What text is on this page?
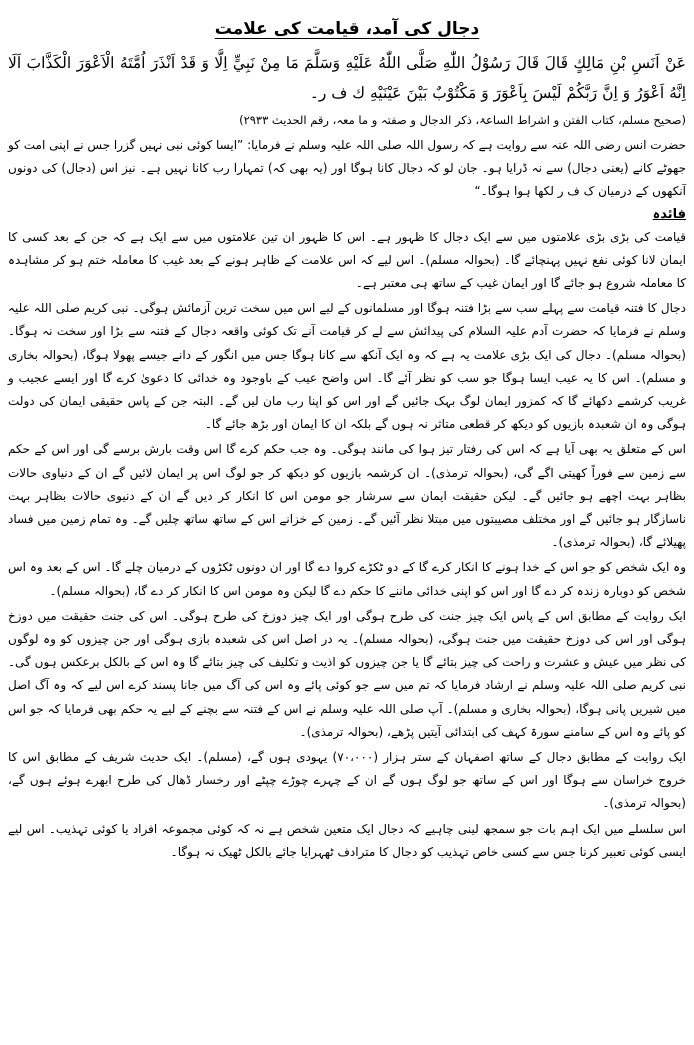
دجال کی آمد، قیامت کی علامت

عَنْ اَنَسِ بْنِ مَالِكٍ قَالَ قَالَ رَسُوْلُ اللّٰهِ صَلَّى اللّٰهُ عَلَيْهِ وَسَلَّمَ مَا مِنْ نَبِيٍّ اِلَّا وَ قَدْ اَنْذَرَ اُمَّتَهُ الْاَعْوَرَ الْكَذَّابَ اَلَا اِنَّهُ اَعْوَرُ وَ اِنَّ رَبَّكُمْ لَيْسَ بِاَعْوَرَ وَ مَكْتُوْبٌ بَيْنَ عَيْنَيْهِ ك ف ر۔

(صحیح مسلم، کتاب الفتن و اشراط الساعۃ، ذکر الدجال و صفتہ و ما معہ، رقم الحدیث ۲۹۳۳)

حضرت انس رضی اللہ عنہ سے روایت ہے کہ رسول اللہ صلی اللہ علیہ وسلم نے فرمایا: ”ایسا کوئی نبی نہیں گزرا جس نے اپنی امت کو جھوٹے کانے (یعنی دجال) سے نہ ڈرایا ہو۔ جان لو کہ دجال کانا ہوگا اور (یہ بھی کہ) تمہارا رب کانا نہیں ہے۔ نیز اس (دجال) کی دونوں آنکھوں کے درمیان ک ف ر لکھا ہوا ہوگا۔“

فائدہ

قیامت کی بڑی بڑی علامتوں میں سے ایک دجال کا ظہور ہے۔ اس کا ظہور ان تین علامتوں میں سے ایک ہے کہ جن کے بعد کسی کا ایمان لانا کوئی نفع نہیں پہنچائے گا۔ (بحوالہ مسلم)۔ اس لیے کہ اس علامت کے ظاہر ہونے کے بعد غیب کا معاملہ ختم ہو کر مشاہدہ کا معاملہ شروع ہو جائے گا اور ایمان غیب کے ساتھ ہی معتبر ہے۔

دجال کا فتنہ قیامت سے پہلے سب سے بڑا فتنہ ہوگا اور مسلمانوں کے لیے اس میں سخت ترین آزمائش ہوگی۔ نبی کریم صلی اللہ علیہ وسلم نے فرمایا کہ حضرت آدم علیہ السلام کی پیدائش سے لے کر قیامت آنے تک کوئی واقعہ دجال کے فتنہ سے بڑا اور سخت نہ ہوگا۔ (بحوالہ مسلم)۔ دجال کی ایک بڑی علامت یہ ہے کہ وہ ایک آنکھ سے کانا ہوگا جس میں انگور کے دانے جیسے پھولا ہوگا، (بحوالہ بخاری و مسلم)۔ اس کا یہ عیب ایسا ہوگا جو سب کو نظر آئے گا۔ اس واضح عیب کے باوجود وہ خدائی کا دعویٰ کرے گا اور ایسے عجیب و غریب کرشمے دکھائے گا کہ کمزور ایمان لوگ بہک جائیں گے اور اس کو اپنا رب مان لیں گے۔ البتہ جن کے پاس حقیقی ایمان کی دولت ہوگی وہ ان شعبدہ بازیوں کو دیکھ کر قطعی متاثر نہ ہوں گے بلکہ ان کا ایمان اور بڑھ جائے گا۔

اس کے متعلق یہ بھی آیا ہے کہ اس کی رفتار تیز ہوا کی مانند ہوگی۔ وہ جب حکم کرے گا اس وقت بارش برسے گی اور اس کے حکم سے زمین سے فوراً کھیتی اگے گی، (بحوالہ ترمذی)۔ ان کرشمہ بازیوں کو دیکھ کر جو لوگ اس پر ایمان لائیں گے ان کے دنیاوی حالات بظاہر بہت اچھے ہو جائیں گے۔ لیکن حقیقت ایمان سے سرشار جو مومن اس کا انکار کر دیں گے ان کے دنیوی حالات بظاہر بہت ناسازگار ہو جائیں گے اور مختلف مصیبتوں میں مبتلا نظر آئیں گے۔ زمین کے خزانے اس کے ساتھ ساتھ چلیں گے۔ وہ تمام زمین میں فساد پھیلائے گا، (بحوالہ ترمذی)۔

وہ ایک شخص کو جو اس کے خدا ہونے کا انکار کرے گا کے دو ٹکڑے کروا دے گا اور ان دونوں ٹکڑوں کے درمیان چلے گا۔ اس کے بعد وہ اس شخص کو دوبارہ زندہ کر دے گا اور اس کو اپنی خدائی ماننے کا حکم دے گا لیکن وہ مومن اس کا انکار کر دے گا، (بحوالہ مسلم)۔

ایک روایت کے مطابق اس کے پاس ایک چیز جنت کی طرح ہوگی اور ایک چیز دوزخ کی طرح ہوگی۔ اس کی جنت حقیقت میں دوزخ ہوگی اور اس کی دوزخ حقیقت میں جنت ہوگی، (بحوالہ مسلم)۔ یہ در اصل اس کی شعبدہ بازی ہوگی اور جن چیزوں کو وہ لوگوں کی نظر میں عیش و عشرت و راحت کی چیز بتائے گا یا جن چیزوں کو اذیت و تکلیف کی چیز بتائے گا وہ اس کے بالکل برعکس ہوں گی۔ نبی کریم صلی اللہ علیہ وسلم نے ارشاد فرمایا کہ تم میں سے جو کوئی پائے وہ اس کی آگ میں جانا پسند کرے اس لیے کہ وہ آگ اصل میں شیریں پانی ہوگا، (بحوالہ بخاری و مسلم)۔ آپ صلی اللہ علیہ وسلم نے اس کے فتنہ سے بچنے کے لیے یہ حکم بھی فرمایا کہ جو اس کو پائے وہ اس کے سامنے سورۃ کہف کی ابتدائی آیتیں پڑھے، (بحوالہ ترمذی)۔

ایک روایت کے مطابق دجال کے ساتھ اصفہان کے ستر ہزار (۷۰،۰۰۰) یہودی ہوں گے، (مسلم)۔ ایک حدیث شریف کے مطابق اس کا خروج خراسان سے ہوگا اور اس کے ساتھ جو لوگ ہوں گے ان کے چہرے چوڑے چپٹے اور رخسار ڈھال کی طرح ابھرے ہوئے ہوں گے، (بحوالہ ترمذی)۔

اس سلسلے میں ایک اہم بات جو سمجھ لینی چاہیے کہ دجال ایک متعین شخص ہے نہ کہ کوئی مجموعہ افراد یا کوئی تہذیب۔ اس لیے ایسی کوئی تعبیر کرنا جس سے کسی خاص تہذیب کو دجال کا مترادف ٹھہرایا جائے بالکل ٹھیک نہ ہوگا۔
